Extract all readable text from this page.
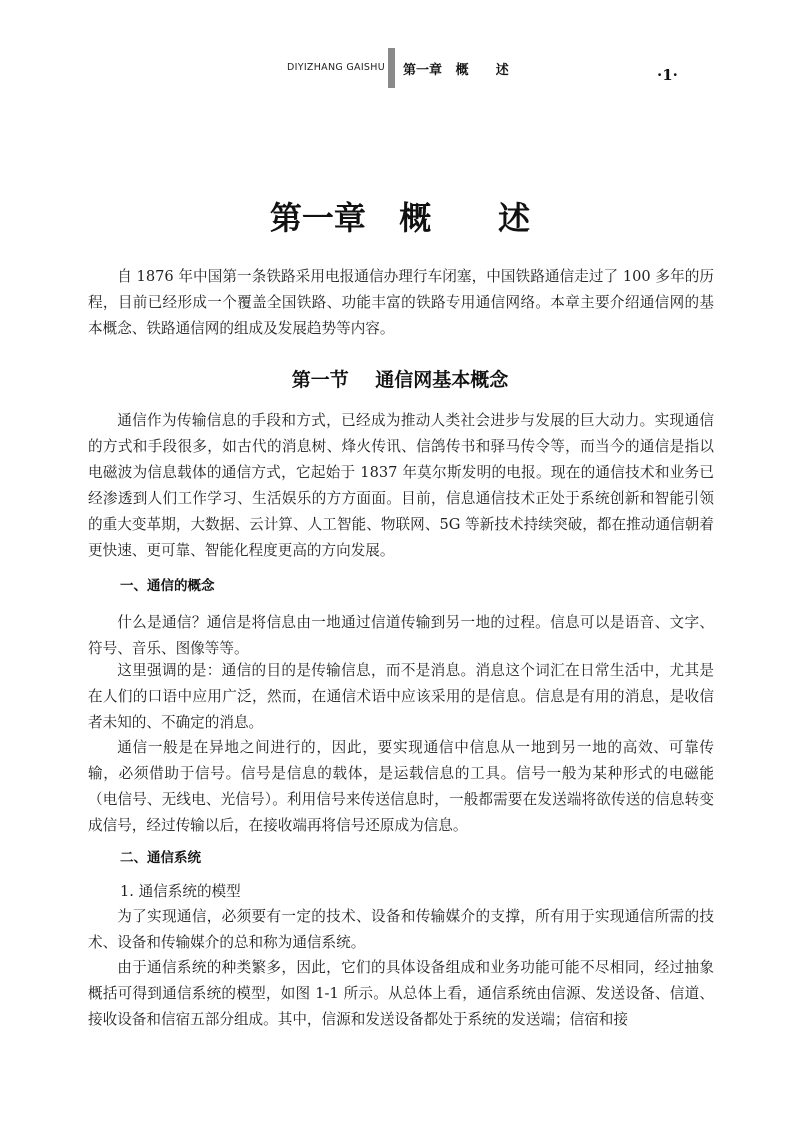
DIYIZHANG GAISHU 第一章   概      述	·1·
第一章   概      述

自 1876 年中国第一条铁路采用电报通信办理行车闭塞，中国铁路通信走过了 100 多年的历程，目前已经形成一个覆盖全国铁路、功能丰富的铁路专用通信网络。本章主要介绍通信网的基本概念、铁路通信网的组成及发展趋势等内容。

第一节    通信网基本概念

通信作为传输信息的手段和方式，已经成为推动人类社会进步与发展的巨大动力。实现通信的方式和手段很多，如古代的消息树、烽火传讯、信鸽传书和驿马传令等，而当今的通信是指以电磁波为信息载体的通信方式，它起始于 1837 年莫尔斯发明的电报。现在的通信技术和业务已经渗透到人们工作学习、生活娱乐的方方面面。目前，信息通信技术正处于系统创新和智能引领的重大变革期，大数据、云计算、人工智能、物联网、5G 等新技术持续突破，都在推动通信朝着更快速、更可靠、智能化程度更高的方向发展。

一、通信的概念

什么是通信？通信是将信息由一地通过信道传输到另一地的过程。信息可以是语音、文字、符号、音乐、图像等等。

这里强调的是：通信的目的是传输信息，而不是消息。消息这个词汇在日常生活中，尤其是在人们的口语中应用广泛，然而，在通信术语中应该采用的是信息。信息是有用的消息，是收信者未知的、不确定的消息。

通信一般是在异地之间进行的，因此，要实现通信中信息从一地到另一地的高效、可靠传输，必须借助于信号。信号是信息的载体，是运载信息的工具。信号一般为某种形式的电磁能（电信号、无线电、光信号）。利用信号来传送信息时，一般都需要在发送端将欲传送的信息转变成信号，经过传输以后，在接收端再将信号还原成为信息。

二、通信系统

1. 通信系统的模型

为了实现通信，必须要有一定的技术、设备和传输媒介的支撑，所有用于实现通信所需的技术、设备和传输媒介的总和称为通信系统。

由于通信系统的种类繁多，因此，它们的具体设备组成和业务功能可能不尽相同，经过抽象概括可得到通信系统的模型，如图 1-1 所示。从总体上看，通信系统由信源、发送设备、信道、接收设备和信宿五部分组成。其中，信源和发送设备都处于系统的发送端；信宿和接
